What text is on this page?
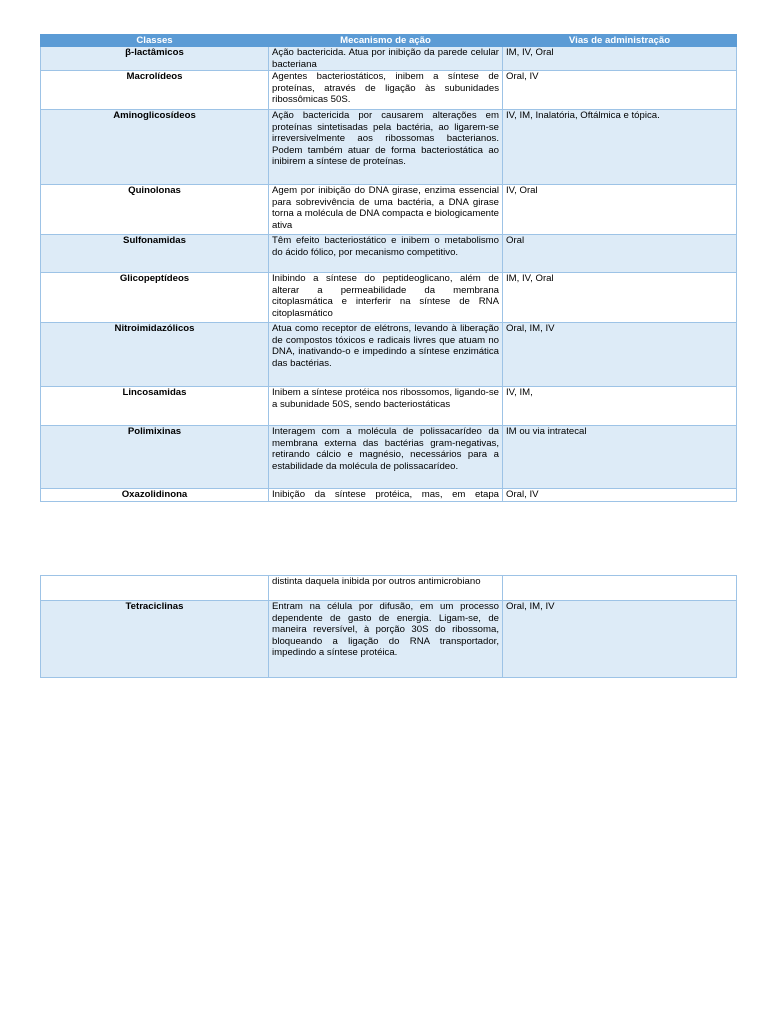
Classes	Mecanismo de ação	Vias de administração
β-lactâmicos	Ação bactericida. Atua por inibição da parede celular bacteriana	IM, IV, Oral
Macrolídeos	Agentes bacteriostáticos, inibem a síntese de proteínas, através de ligação às subunidades ribossômicas 50S.	Oral, IV
Aminoglicosídeos	Ação bactericida por causarem alterações em proteínas sintetisadas pela bactéria, ao ligarem-se irreversivelmente aos ribossomas bacterianos. Podem também atuar de forma bacteriostática ao inibirem a síntese de proteínas.	IV, IM, Inalatória, Oftálmica e tópica.
Quinolonas	Agem por inibição do DNA girase, enzima essencial para sobrevivência de uma bactéria, a DNA girase torna a molécula de DNA compacta e biologicamente ativa	IV, Oral
Sulfonamidas	Têm efeito bacteriostático e inibem o metabolismo do ácido fólico, por mecanismo competitivo.	Oral
Glicopeptídeos	Inibindo a síntese do peptideoglicano, além de alterar a permeabilidade da membrana citoplasmática e interferir na síntese de RNA citoplasmático	IM, IV, Oral
Nitroimidazólicos	Atua como receptor de elétrons, levando à liberação de compostos tóxicos e radicais livres que atuam no DNA, inativando-o e impedindo a síntese enzimática das bactérias.	Oral, IM, IV
Lincosamidas	Inibem a síntese protéica nos ribossomos, ligando-se a subunidade 50S, sendo bacteriostáticas	IV, IM,
Polimixinas	Interagem com a molécula de polissacarídeo da membrana externa das bactérias gram-negativas, retirando cálcio e magnésio, necessários para a estabilidade da molécula de polissacarídeo.	IM ou via intratecal
Oxazolidinona	Inibição da síntese protéica, mas, em etapa	Oral, IV
	distinta daquela inibida por outros antimicrobiano	
Tetraciclinas	Entram na célula por difusão, em um processo dependente de gasto de energia. Ligam-se, de maneira reversível, à porção 30S do ribossoma, bloqueando a ligação do RNA transportador, impedindo a síntese protéica.	Oral, IM, IV
